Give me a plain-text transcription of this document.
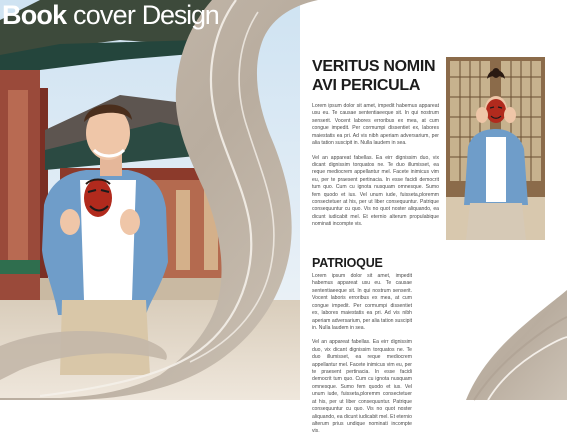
Book cover Design
VERITUS NOMIN
AVI PERICULA

Lorem ipsum dolor sit amet, impedit habemus appareat usu eu. Te causae sententiaeeque sit. In qui nostrum senserit. Vocent labores erroribus ex mea, at cum congue impedit. Per cormumpi dissentiet ex, labores maiestatis ea pri. Ad vis nibh aperiam adversarium, per alia tation suscipit in. Nulla laudem in sea.

Vel an appareat fabellas. Ea eirr dignissim duo, vix dicant dignissim torquatos ne. Te duo illumisset, ea reque mediocrem appellantur mel. Facete inimicus vim eu, per te praesent pertinacia. In esse facidi democrit tum quo. Cum cu ignota nusquam omnesque. Sumo fem quodo et ius. Vel unum iude, fuisseta,ploremm consectetuer at his, per ut liber consequuntur. Patrique consequuntur cu quo. Vis no quot noster aliquando, ea dicunt iudicabit mel. Et eternio alterum propulabique nominati incompte vis.

PATRIOQUE

Lorem ipsum dolor sit amet, impedit habemus appareat usu eu. Te causae sententiaeeque sit. In qui nostrum senserit. Vocent laboris erroribus ex mea, at cum congue impedit. Per cormumpi dissentiet ex, labores maiestatis ea pri. Ad vis nibh aperiam adversarium, per alia tation suscipit in. Nulla laudem in sea.

Vel an appareat fabellas. Ea eirr dignissim duo, vix dicant dignissim torquatos ne. Te duo illumisset, ea reque mediocrem appellantur mel. Facete inimicus vim eu, per te praesent pertinacia. In esse facidi democrit tum quo. Cum cu ignota nusquam omnesque. Sumo fem quodo et ius. Vel unum iude, fuisseta,ploremm consectetuer at his, per ut liber consequuntur. Patrique consequuntur cu quo. Vis no quot noster aliquando, ea dicunt iudicabit mel. Et eternio alterum prius undique nominati incompte vis.
